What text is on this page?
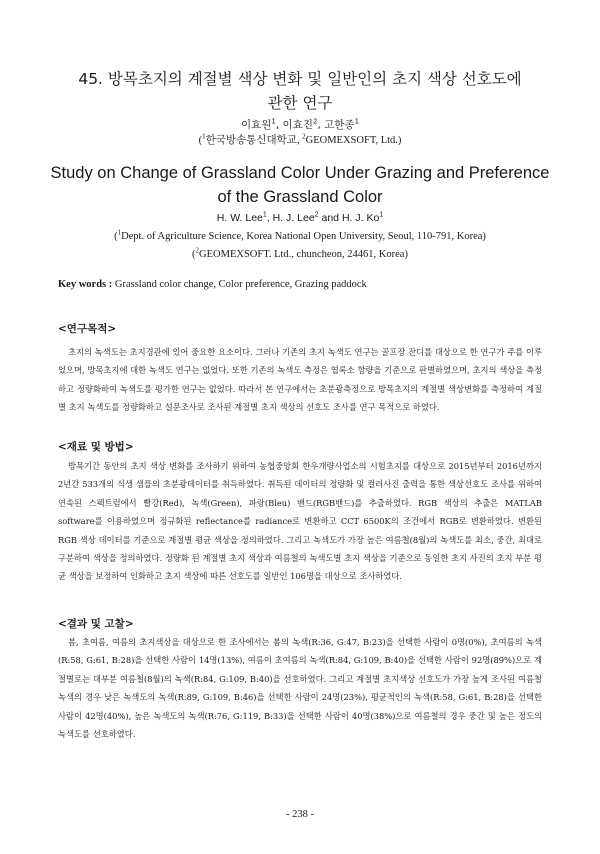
45. 방목초지의 계절별 색상 변화 및 일반인의 초지 색상 선호도에
관한 연구
이효원$^1$, 이효진$^2$, 고한종$^1$
($^1$한국방송통신대학교, $^2$GEOMEXSOFT, Ltd.)
Study on Change of Grassland Color Under Grazing and Preference
of the Grassland Color
H. W. Lee$^1$, H. J. Lee$^2$ and H. J. Ko$^1$
($^1$Dept. of Agriculture Science, Korea National Open University, Seoul, 110-791, Korea)
($^2$GEOMEXSOFT. Ltd., chuncheon, 24461, Korea)
Key words : Grassland color change, Color preference, Grazing paddock
<연구목적>
초지의 녹색도는 초지경관에 있어 중요한 요소이다. 그러나 기존의 초지 녹색도 연구는 골프장 잔디를 대상으로 한 연구가 주를 이루었으며, 방목초지에 대한 녹색도 연구는 없었다. 또한 기존의 녹색도 측정은 엽록소 함량을 기준으로 판별하였으며, 초지의 색상을 측정하고 정량화하여 녹색도를 평가한 연구는 없었다. 따라서 본 연구에서는 초분광측정으로 방목초지의 계절별 색상변화를 측정하여 계절별 초지 녹색도를 정량화하고 설문조사로 조사된 계절별 초지 색상의 선호도 조사를 연구 목적으로 하였다.
<재료 및 방법>
방목기간 동안의 초지 색상 변화를 조사하기 위하여 농협중앙회 한우개량사업소의 시험초지를 대상으로 2015년부터 2016년까지 2년간 533개의 식생 샘플의 초분광데이터를 취득하였다. 취득된 데이터의 정량화 및 컬러사진 출력을 통한 색상선호도 조사를 위하여 연속된 스펙트럼에서 빨강(Red), 녹색(Green), 파랑(Bleu) 밴드(RGB밴드)를 추출하였다. RGB 색상의 추출은 MATLAB software를 이용하였으며 정규화된 reflectance를 radiance로 변환하고 CCT 6500K의 조건에서 RGB로 변환하였다. 변환된 RGB 색상 데이터를 기준으로 계절별 평균 색상을 정의하였다. 그리고 녹색도가 가장 높은 여름철(8월)의 녹색도를 최소, 중간, 최대로 구분하여 색상을 정의하였다. 정량화 된 계절별 초지 색상과 여름철의 녹색도별 초지 색상을 기준으로 동일한 초지 사진의 초지 부분 평균 색상을 보정하여 인화하고 초지 색상에 따른 선호도를 일반인 106명을 대상으로 조사하였다.
<결과 및 고찰>
봄, 초여름, 여름의 초지색상을 대상으로 한 조사에서는 봄의 녹색(R:36, G:47, B:23)을 선택한 사람이 0명(0%), 초여름의 녹색(R:58, G:61, B:28)을 선택한 사람이 14명(13%), 여름이 초여름의 녹색(R:84, G:109, B:40)을 선택한 사람이 92명(89%)으로 계절별로는 대부분 여름철(8월)의 녹색(R:84, G:109, B:40)을 선호하였다. 그리고 계절별 초지색상 선호도가 가장 높게 조사된 여름철 녹색의 경우 낮은 녹색도의 녹색(R:89, G:109, B:46)을 선택한 사람이 24명(23%), 평균적인의 녹색(R:58, G:61, B:28)을 선택한 사람이 42명(40%), 높은 녹색도의 녹색(R:76, G:119, B:33)을 선택한 사람이 40명(38%)으로 여름철의 경우 중간 및 높은 정도의 녹색도를 선호하였다.
- 238 -
